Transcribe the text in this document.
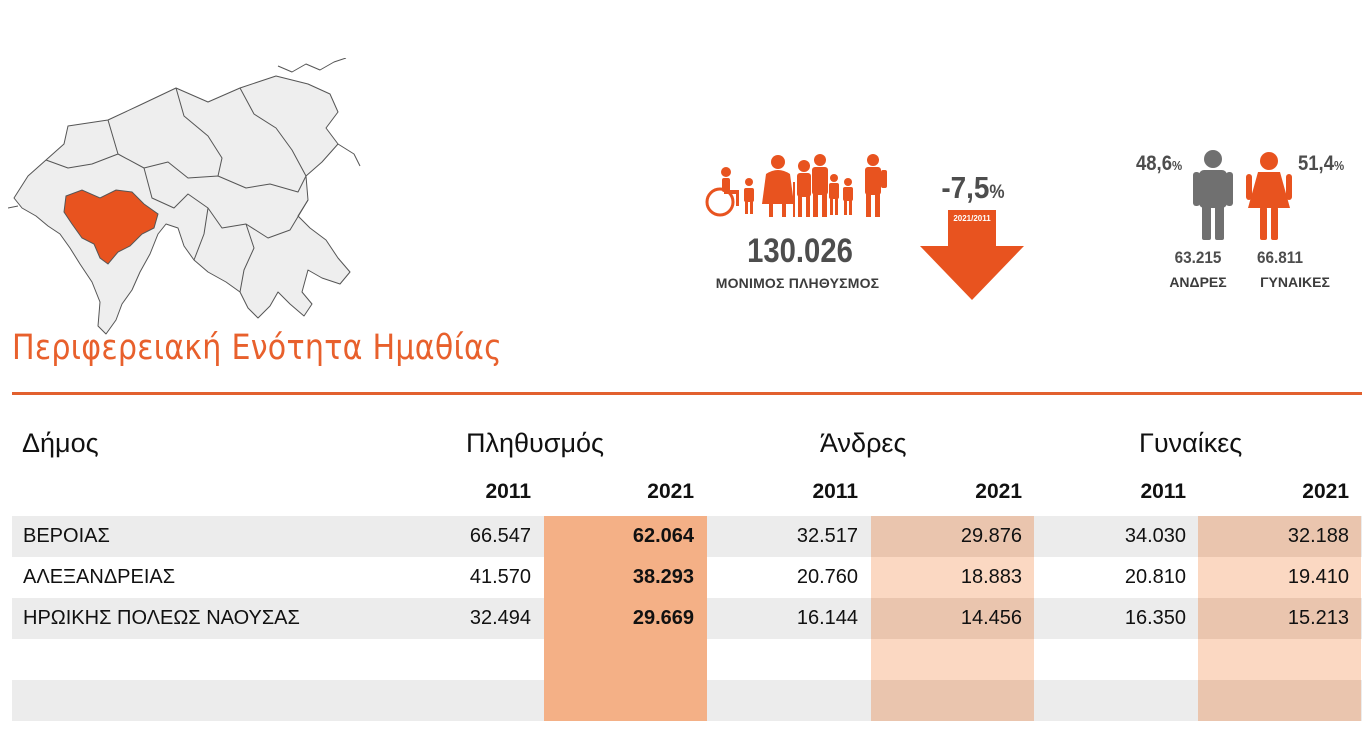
Περιφερειακή Ενότητα Ημαθίας
130.026
ΜΟΝΙΜΟΣ ΠΛΗΘΥΣΜΟΣ
-7,5%
2021/2011
48,6%	51,4%
63.215	66.811
ΑΝΔΡΕΣ	ΓΥΝΑΙΚΕΣ
Δήμος	Πληθυσμός	Άνδρες	Γυναίκες
2011	2021	2011	2021	2011	2021
ΒΕΡΟΙΑΣ	66.547	62.064	32.517	29.876	34.030	32.188
ΑΛΕΞΑΝΔΡΕΙΑΣ	41.570	38.293	20.760	18.883	20.810	19.410
ΗΡΩΙΚΗΣ ΠΟΛΕΩΣ ΝΑΟΥΣΑΣ	32.494	29.669	16.144	14.456	16.350	15.213
